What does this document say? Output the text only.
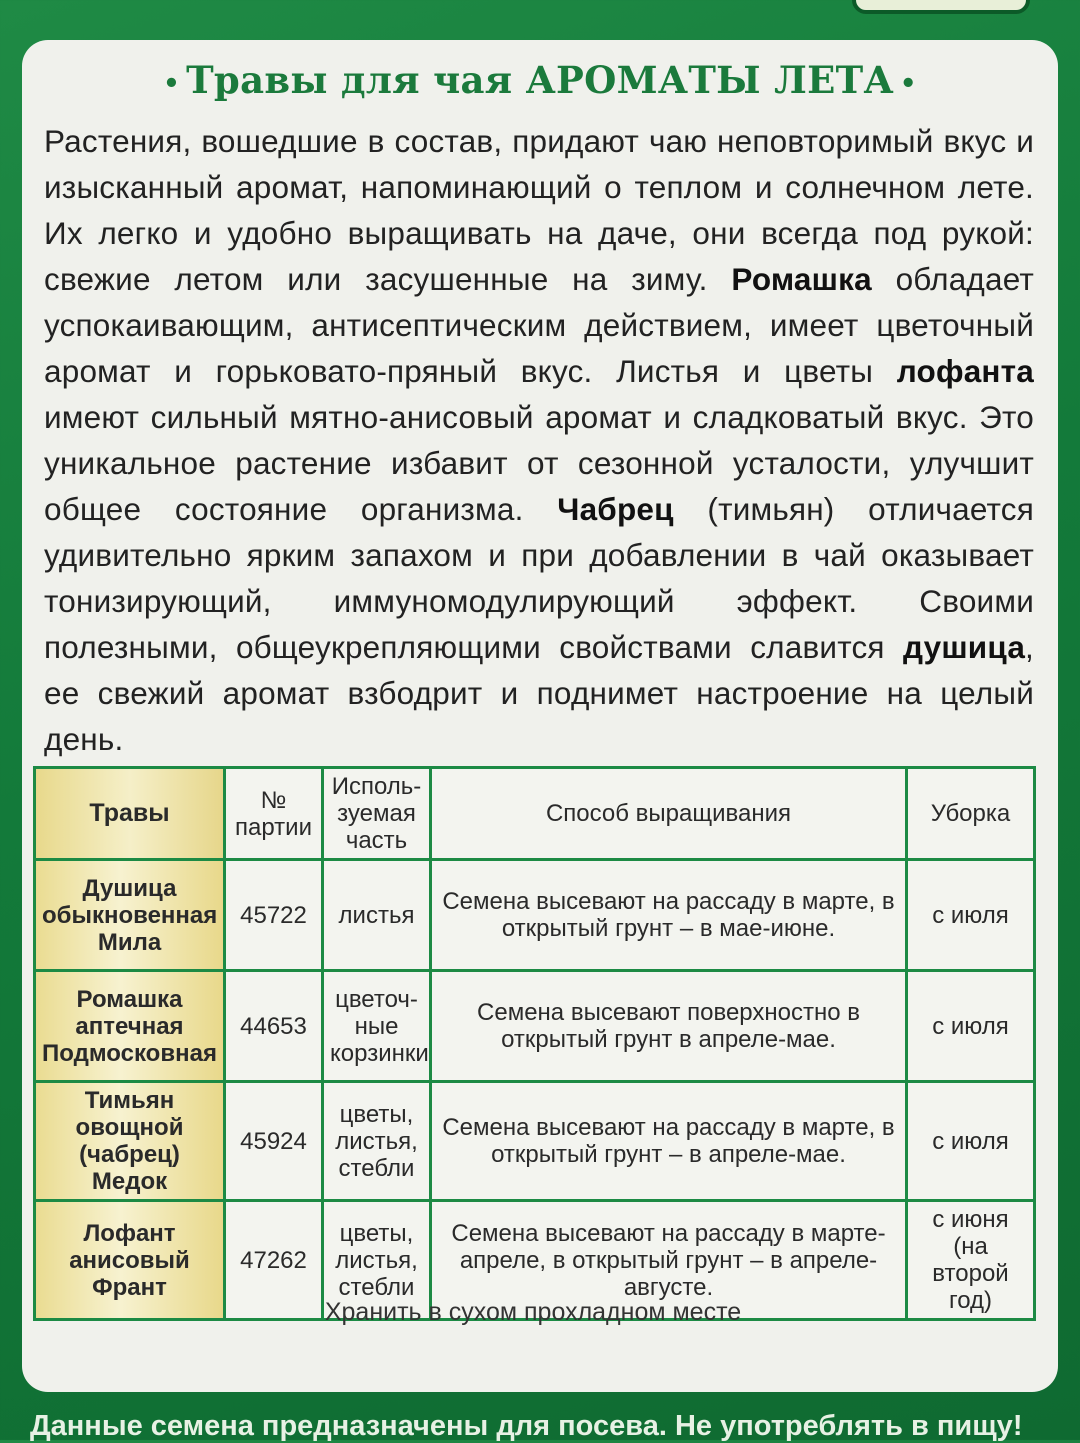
• Травы для чая АРОМАТЫ ЛЕТА •

Растения, вошедшие в состав, придают чаю неповторимый вкус и изысканный аромат, напоминающий о теплом и солнечном лете. Их легко и удобно выращивать на даче, они всегда под рукой: свежие летом или засушенные на зиму. Ромашка обладает успокаивающим, антисептическим действием, имеет цветочный аромат и горьковато-пряный вкус. Листья и цветы лофанта имеют сильный мятно-анисовый аромат и сладковатый вкус. Это уникальное растение избавит от сезонной усталости, улучшит общее состояние организма. Чабрец (тимьян) отличается удивительно ярким запахом и при добавлении в чай оказывает тонизирующий, иммуномодулирующий эффект. Своими полезными, общеукрепляющими свойствами славится душица, ее свежий аромат взбодрит и поднимет настроение на целый день.

Травы	№ партии	Исполь-зуемая часть	Способ выращивания	Уборка
Душица обыкновенная Мила	45722	листья	Семена высевают на рассаду в марте, в открытый грунт – в мае-июне.	с июля
Ромашка аптечная Подмосковная	44653	цветоч-ные корзинки	Семена высевают поверхностно в открытый грунт в апреле-мае.	с июля
Тимьян овощной (чабрец) Медок	45924	цветы, листья, стебли	Семена высевают на рассаду в марте, в открытый грунт – в апреле-мае.	с июля
Лофант анисовый Франт	47262	цветы, листья, стебли	Семена высевают на рассаду в марте-апреле, в открытый грунт – в апреле-августе.	с июня (на второй год)
Хранить в сухом прохладном месте
Данные семена предназначены для посева. Не употреблять в пищу!
